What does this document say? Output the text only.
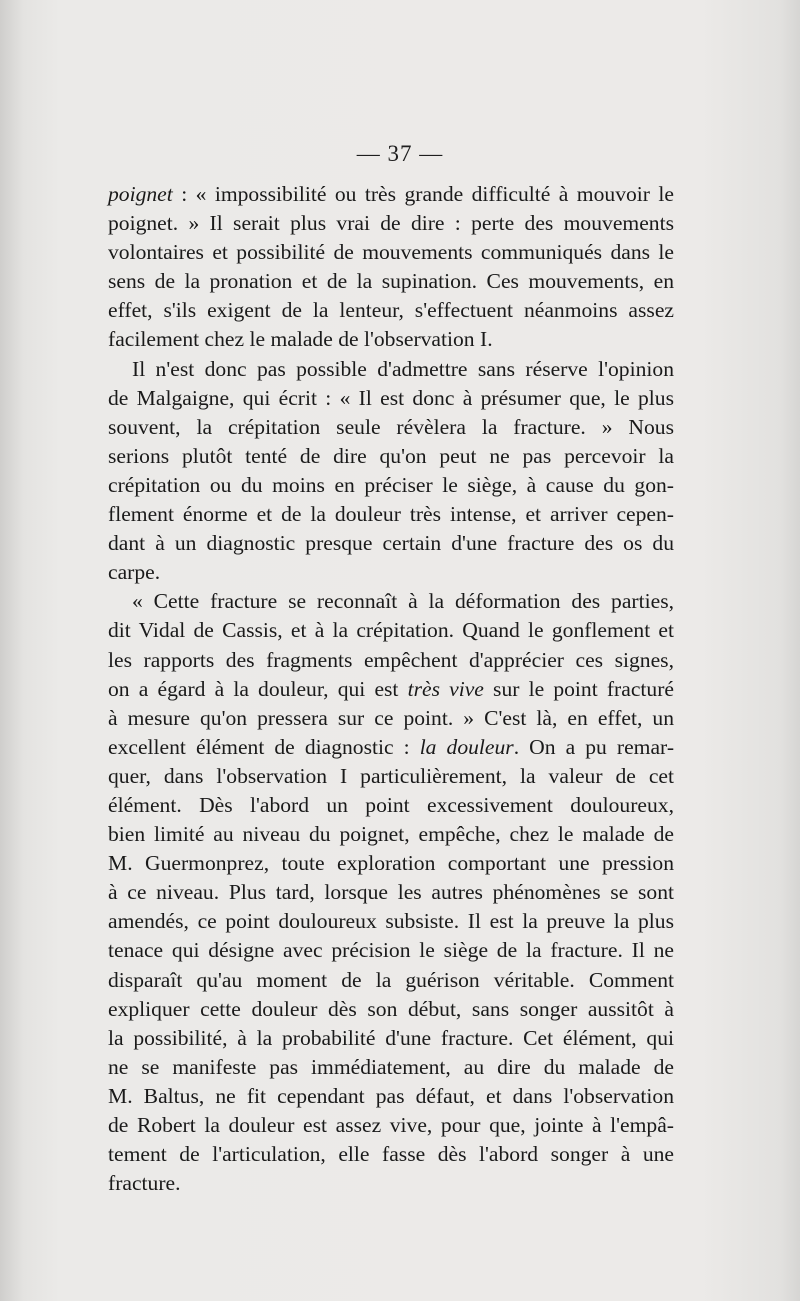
— 37 —
poignet : « impossibilité ou très grande difficulté à mouvoir le
poignet. » Il serait plus vrai de dire : perte des mouvements
volontaires et possibilité de mouvements communiqués dans le
sens de la pronation et de la supination. Ces mouvements, en
effet, s'ils exigent de la lenteur, s'effectuent néanmoins assez
facilement chez le malade de l'observation I.
Il n'est donc pas possible d'admettre sans réserve l'opinion
de Malgaigne, qui écrit : « Il est donc à présumer que, le plus
souvent, la crépitation seule révèlera la fracture. » Nous
serions plutôt tenté de dire qu'on peut ne pas percevoir la
crépitation ou du moins en préciser le siège, à cause du gon-
flement énorme et de la douleur très intense, et arriver cepen-
dant à un diagnostic presque certain d'une fracture des os du
carpe.
« Cette fracture se reconnaît à la déformation des parties,
dit Vidal de Cassis, et à la crépitation. Quand le gonflement et
les rapports des fragments empêchent d'apprécier ces signes,
on a égard à la douleur, qui est très vive sur le point fracturé
à mesure qu'on pressera sur ce point. » C'est là, en effet, un
excellent élément de diagnostic : la douleur. On a pu remar-
quer, dans l'observation I particulièrement, la valeur de cet
élément. Dès l'abord un point excessivement douloureux,
bien limité au niveau du poignet, empêche, chez le malade de
M. Guermonprez, toute exploration comportant une pression
à ce niveau. Plus tard, lorsque les autres phénomènes se sont
amendés, ce point douloureux subsiste. Il est la preuve la plus
tenace qui désigne avec précision le siège de la fracture. Il ne
disparaît qu'au moment de la guérison véritable. Comment
expliquer cette douleur dès son début, sans songer aussitôt à
la possibilité, à la probabilité d'une fracture. Cet élément, qui
ne se manifeste pas immédiatement, au dire du malade de
M. Baltus, ne fit cependant pas défaut, et dans l'observation
de Robert la douleur est assez vive, pour que, jointe à l'empâ-
tement de l'articulation, elle fasse dès l'abord songer à une
fracture.
